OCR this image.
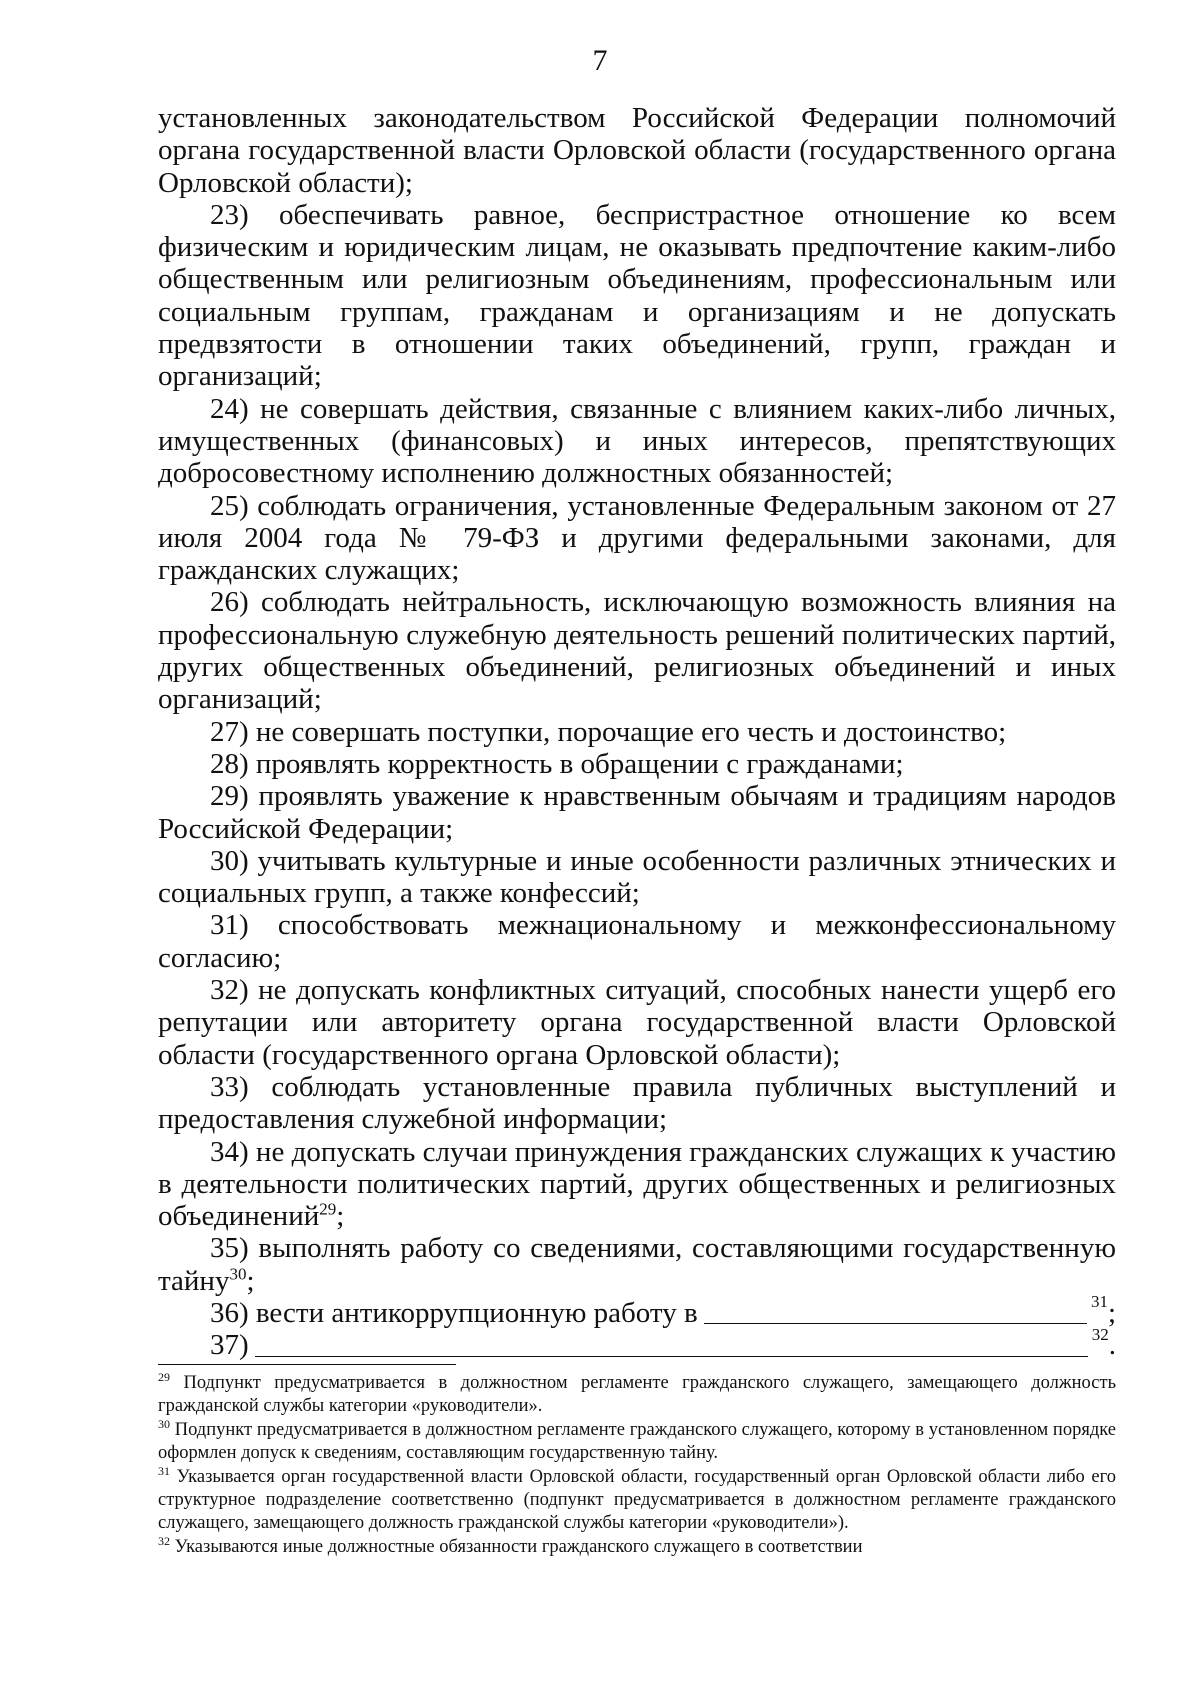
7

установленных законодательством Российской Федерации полномочий органа государственной власти Орловской области (государственного органа Орловской области);

23) обеспечивать равное, беспристрастное отношение ко всем физическим и юридическим лицам, не оказывать предпочтение каким-либо общественным или религиозным объединениям, профессиональным или социальным группам, гражданам и организациям и не допускать предвзятости в отношении таких объединений, групп, граждан и организаций;

24) не совершать действия, связанные с влиянием каких-либо личных, имущественных (финансовых) и иных интересов, препятствующих добросовестному исполнению должностных обязанностей;

25) соблюдать ограничения, установленные Федеральным законом от 27 июля 2004 года № 79-ФЗ и другими федеральными законами, для гражданских служащих;

26) соблюдать нейтральность, исключающую возможность влияния на профессиональную служебную деятельность решений политических партий, других общественных объединений, религиозных объединений и иных организаций;

27) не совершать поступки, порочащие его честь и достоинство;

28) проявлять корректность в обращении с гражданами;

29) проявлять уважение к нравственным обычаям и традициям народов Российской Федерации;

30) учитывать культурные и иные особенности различных этнических и социальных групп, а также конфессий;

31) способствовать межнациональному и межконфессиональному согласию;

32) не допускать конфликтных ситуаций, способных нанести ущерб его репутации или авторитету органа государственной власти Орловской области (государственного органа Орловской области);

33) соблюдать установленные правила публичных выступлений и предоставления служебной информации;

34) не допускать случаи принуждения гражданских служащих к участию в деятельности политических партий, других общественных и религиозных объединений$^{29}$;

35) выполнять работу со сведениями, составляющими государственную тайну$^{30}$;

36) вести антикоррупционную работу в	$^{31}$;
37)	$^{32}$.

$^{29}$ Подпункт предусматривается в должностном регламенте гражданского служащего, замещающего должность гражданской службы категории «руководители».

$^{30}$ Подпункт предусматривается в должностном регламенте гражданского служащего, которому в установленном порядке оформлен допуск к сведениям, составляющим государственную тайну.

$^{31}$ Указывается орган государственной власти Орловской области, государственный орган Орловской области либо его структурное подразделение соответственно (подпункт предусматривается в должностном регламенте гражданского служащего, замещающего должность гражданской службы категории «руководители»).

$^{32}$ Указываются иные должностные обязанности гражданского служащего в соответствии
